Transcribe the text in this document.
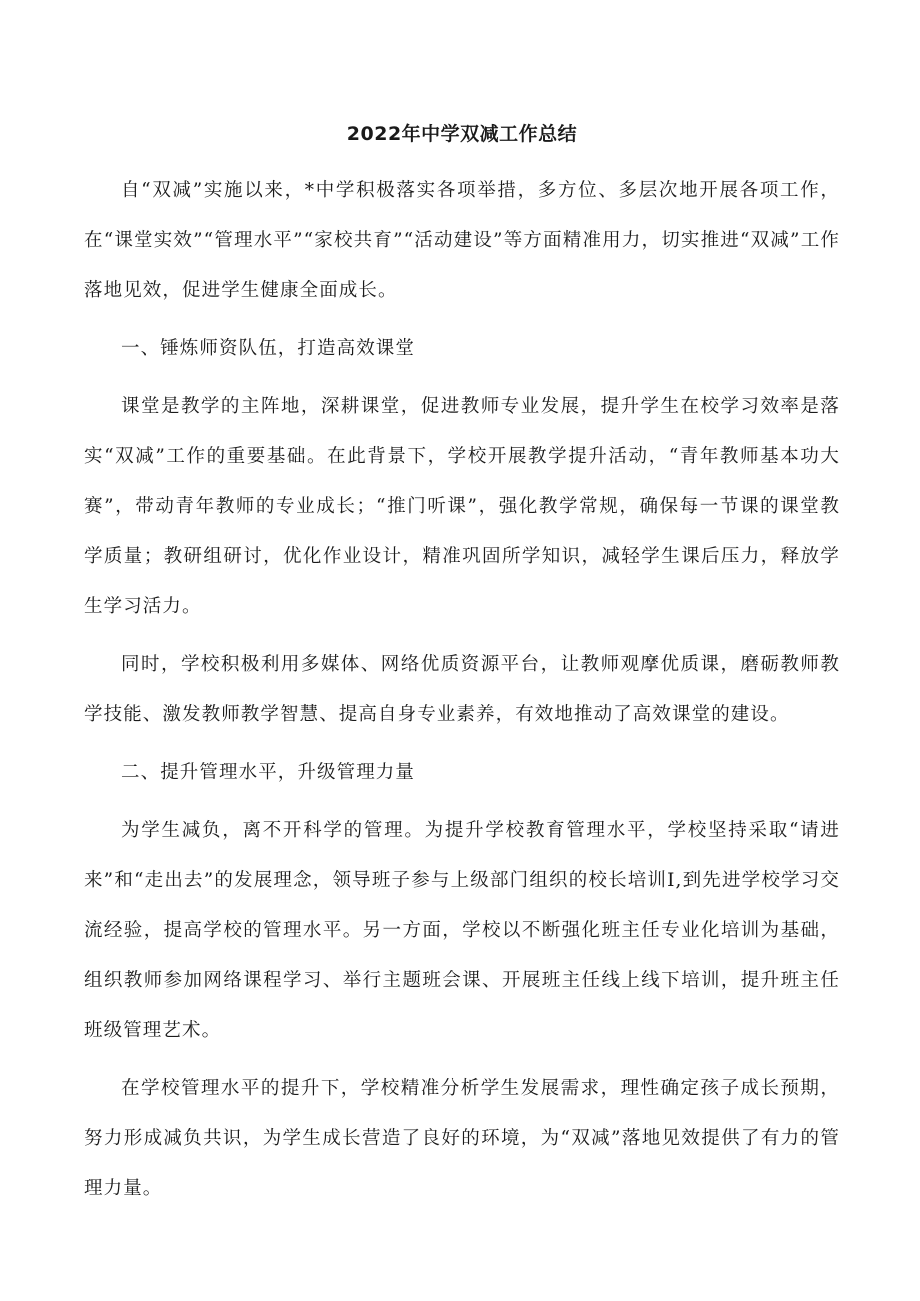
2022年中学双减工作总结

自“双减”实施以来，*中学积极落实各项举措，多方位、多层次地开展各项工作，在“课堂实效”“管理水平”“家校共育”“活动建设”等方面精准用力，切实推进“双减”工作落地见效，促进学生健康全面成长。

一、锤炼师资队伍，打造高效课堂

课堂是教学的主阵地，深耕课堂，促进教师专业发展，提升学生在校学习效率是落实“双减”工作的重要基础。在此背景下，学校开展教学提升活动，“青年教师基本功大赛”，带动青年教师的专业成长；“推门听课”，强化教学常规，确保每一节课的课堂教学质量；教研组研讨，优化作业设计，精准巩固所学知识，减轻学生课后压力，释放学生学习活力。

同时，学校积极利用多媒体、网络优质资源平台，让教师观摩优质课，磨砺教师教学技能、激发教师教学智慧、提高自身专业素养，有效地推动了高效课堂的建设。

二、提升管理水平，升级管理力量

为学生减负，离不开科学的管理。为提升学校教育管理水平，学校坚持采取“请进来”和“走出去”的发展理念，领导班子参与上级部门组织的校长培训I,到先进学校学习交流经验，提高学校的管理水平。另一方面，学校以不断强化班主任专业化培训为基础，组织教师参加网络课程学习、举行主题班会课、开展班主任线上线下培训，提升班主任班级管理艺术。

在学校管理水平的提升下，学校精准分析学生发展需求，理性确定孩子成长预期，努力形成减负共识，为学生成长营造了良好的环境，为“双减”落地见效提供了有力的管理力量。
